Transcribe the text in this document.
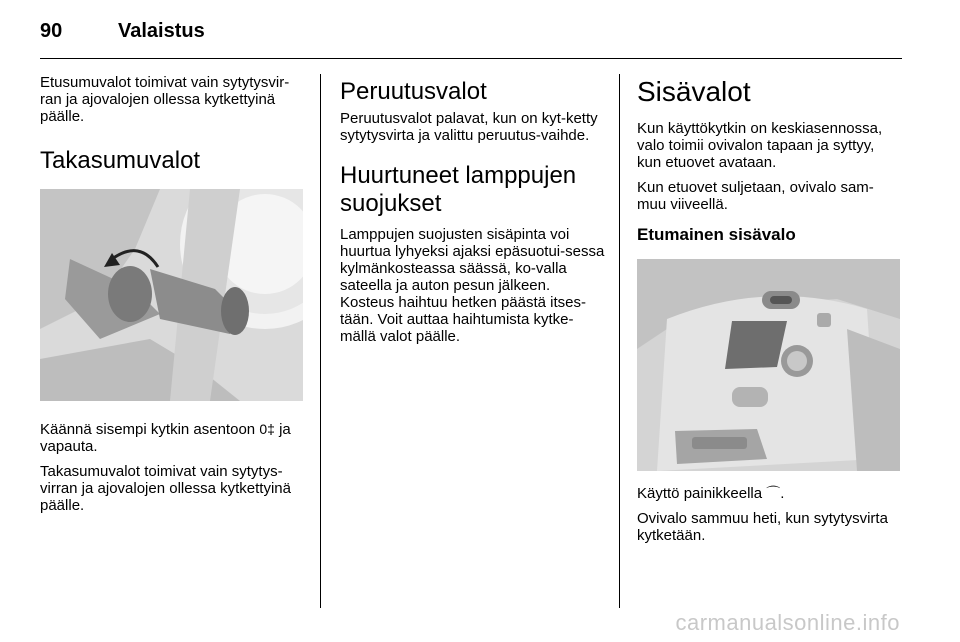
90	Valaistus

Etusumuvalot toimivat vain sytytysvir-ran ja ajovalojen ollessa kytkettyinä päälle.

Takasumuvalot

Käännä sisempi kytkin asentoon 0‡ ja vapauta.

Takasumuvalot toimivat vain sytytys-virran ja ajovalojen ollessa kytkettyinä päälle.

Peruutusvalot

Peruutusvalot palavat, kun on kyt-ketty sytytysvirta ja valittu peruutus-vaihde.

Huurtuneet lamppujen suojukset

Lamppujen suojusten sisäpinta voi huurtua lyhyeksi ajaksi epäsuotui-sessa kylmänkosteassa säässä, ko-valla sateella ja auton pesun jälkeen. Kosteus haihtuu hetken päästä itses-tään. Voit auttaa haihtumista kytke-mällä valot päälle.

Sisävalot

Kun käyttökytkin on keskiasennossa, valo toimii ovivalon tapaan ja syttyy, kun etuovet avataan.

Kun etuovet suljetaan, ovivalo sam-muu viiveellä.

Etumainen sisävalo

Käyttö painikkeella ⌒.

Ovivalo sammuu heti, kun sytytysvirta kytketään.

carmanualsonline.info
